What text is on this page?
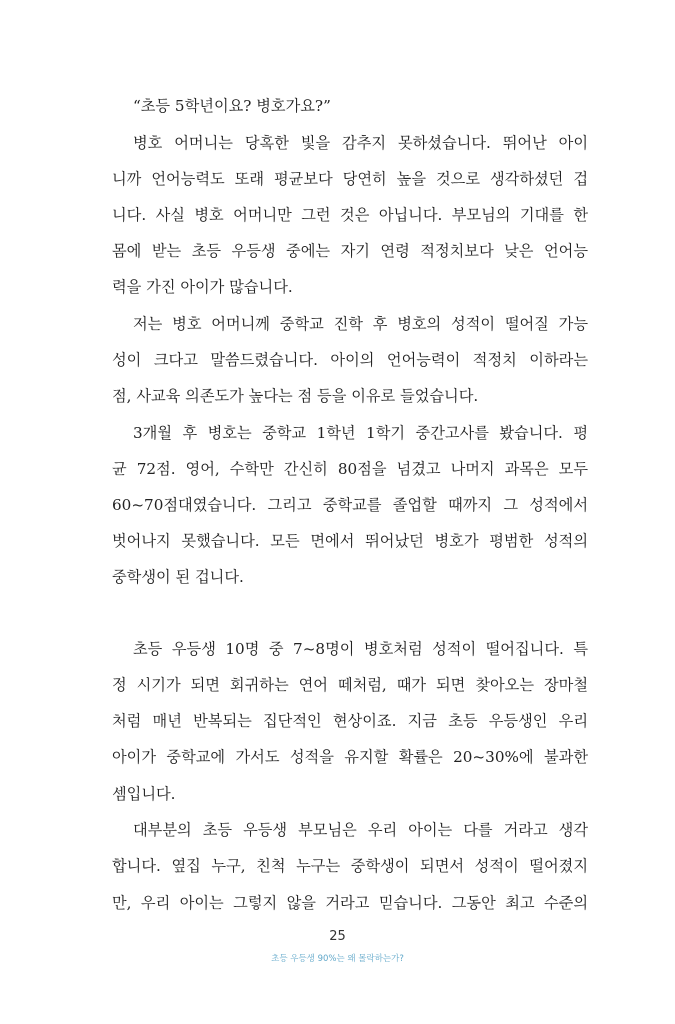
“초등 5학년이요? 병호가요?”
병호 어머니는 당혹한 빛을 감추지 못하셨습니다. 뛰어난 아이
니까 언어능력도 또래 평균보다 당연히 높을 것으로 생각하셨던 겁
니다. 사실 병호 어머니만 그런 것은 아닙니다. 부모님의 기대를 한
몸에 받는 초등 우등생 중에는 자기 연령 적정치보다 낮은 언어능
력을 가진 아이가 많습니다.
저는 병호 어머니께 중학교 진학 후 병호의 성적이 떨어질 가능
성이 크다고 말씀드렸습니다. 아이의 언어능력이 적정치 이하라는
점, 사교육 의존도가 높다는 점 등을 이유로 들었습니다.
3개월 후 병호는 중학교 1학년 1학기 중간고사를 봤습니다. 평
균 72점. 영어, 수학만 간신히 80점을 넘겼고 나머지 과목은 모두
60~70점대였습니다. 그리고 중학교를 졸업할 때까지 그 성적에서
벗어나지 못했습니다. 모든 면에서 뛰어났던 병호가 평범한 성적의
중학생이 된 겁니다.
초등 우등생 10명 중 7~8명이 병호처럼 성적이 떨어집니다. 특
정 시기가 되면 회귀하는 연어 떼처럼, 때가 되면 찾아오는 장마철
처럼 매년 반복되는 집단적인 현상이죠. 지금 초등 우등생인 우리
아이가 중학교에 가서도 성적을 유지할 확률은 20~30%에 불과한
셈입니다.
대부분의 초등 우등생 부모님은 우리 아이는 다를 거라고 생각
합니다. 옆집 누구, 친척 누구는 중학생이 되면서 성적이 떨어졌지
만, 우리 아이는 그렇지 않을 거라고 믿습니다. 그동안 최고 수준의
25
초등 우등생 90%는 왜 몰락하는가?
